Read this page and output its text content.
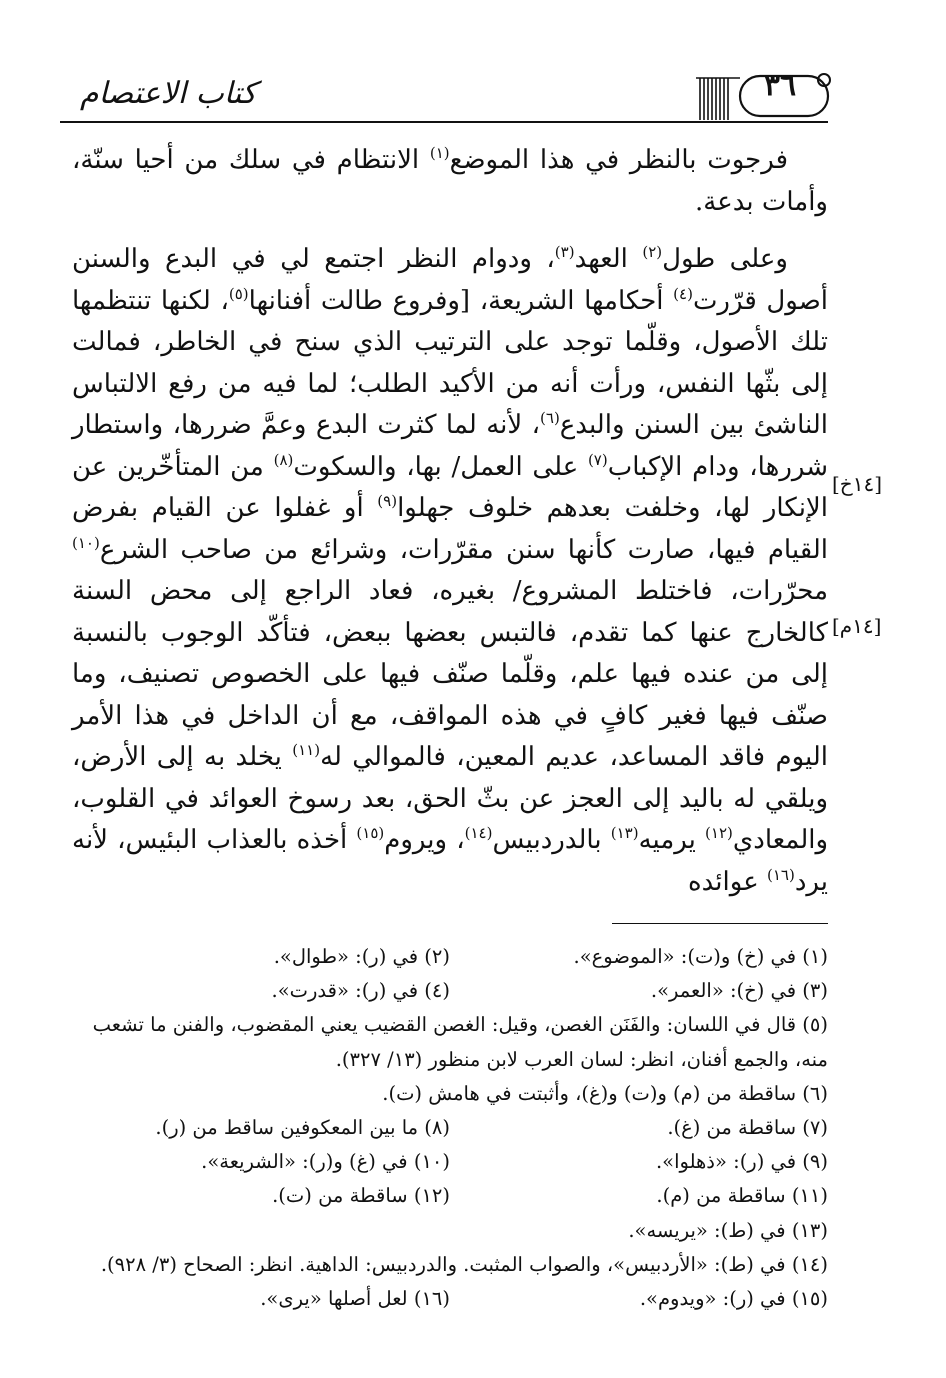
كتاب الاعتصام	٣٦
[١٤خ]
[١٤م]

فرجوت بالنظر في هذا الموضع$^{(١)}$ الانتظام في سلك من أحيا سنّة، وأمات بدعة.

وعلى طول$^{(٢)}$ العهد$^{(٣)}$، ودوام النظر اجتمع لي في البدع والسنن أصول قرّرت$^{(٤)}$ أحكامها الشريعة، [وفروع طالت أفنانها$^{(٥)}$، لكنها تنتظمها تلك الأصول، وقلّما توجد على الترتيب الذي سنح في الخاطر، فمالت إلى بثّها النفس، ورأت أنه من الأكيد الطلب؛ لما فيه من رفع الالتباس الناشئ بين السنن والبدع$^{(٦)}$، لأنه لما كثرت البدع وعمَّ ضررها، واستطار شررها، ودام الإكباب$^{(٧)}$ على العمل/ بها، والسكوت$^{(٨)}$ من المتأخّرين عن الإنكار لها، وخلفت بعدهم خلوف جهلوا$^{(٩)}$ أو غفلوا عن القيام بفرض القيام فيها، صارت كأنها سنن مقرّرات، وشرائع من صاحب الشرع$^{(١٠)}$ محرّرات، فاختلط المشروع/ بغيره، فعاد الراجع إلى محض السنة كالخارج عنها كما تقدم، فالتبس بعضها ببعض، فتأكّد الوجوب بالنسبة إلى من عنده فيها علم، وقلّما صنّف فيها على الخصوص تصنيف، وما صنّف فيها فغير كافٍ في هذه المواقف، مع أن الداخل في هذا الأمر اليوم فاقد المساعد، عديم المعين، فالموالي له$^{(١١)}$ يخلد به إلى الأرض، ويلقي له باليد إلى العجز عن بثّ الحق، بعد رسوخ العوائد في القلوب، والمعادي$^{(١٢)}$ يرميه$^{(١٣)}$ بالدردبيس$^{(١٤)}$، ويروم$^{(١٥)}$ أخذه بالعذاب البئيس، لأنه يرد$^{(١٦)}$ عوائده

(١) في (خ) و(ت): «الموضوع».
(٢) في (ر): «طوال».
(٣) في (خ): «العمر».
(٤) في (ر): «قدرت».
(٥) قال في اللسان: والفَنَن الغصن، وقيل: الغصن القضيب يعني المقضوب، والفنن ما تشعب منه، والجمع أفنان، انظر: لسان العرب لابن منظور (١٣/ ٣٢٧).
(٦) ساقطة من (م) و(ت) و(غ)، وأثبتت في هامش (ت).
(٧) ساقطة من (غ).
(٨) ما بين المعكوفين ساقط من (ر).
(٩) في (ر): «ذهلوا».
(١٠) في (غ) و(ر): «الشريعة».
(١١) ساقطة من (م).
(١٢) ساقطة من (ت).
(١٣) في (ط): «يريسه».
(١٤) في (ط): «الأردبيس»، والصواب المثبت. والدردبيس: الداهية. انظر: الصحاح (٣/ ٩٢٨).
(١٥) في (ر): «ويدوم».
(١٦) لعل أصلها «يرى».
